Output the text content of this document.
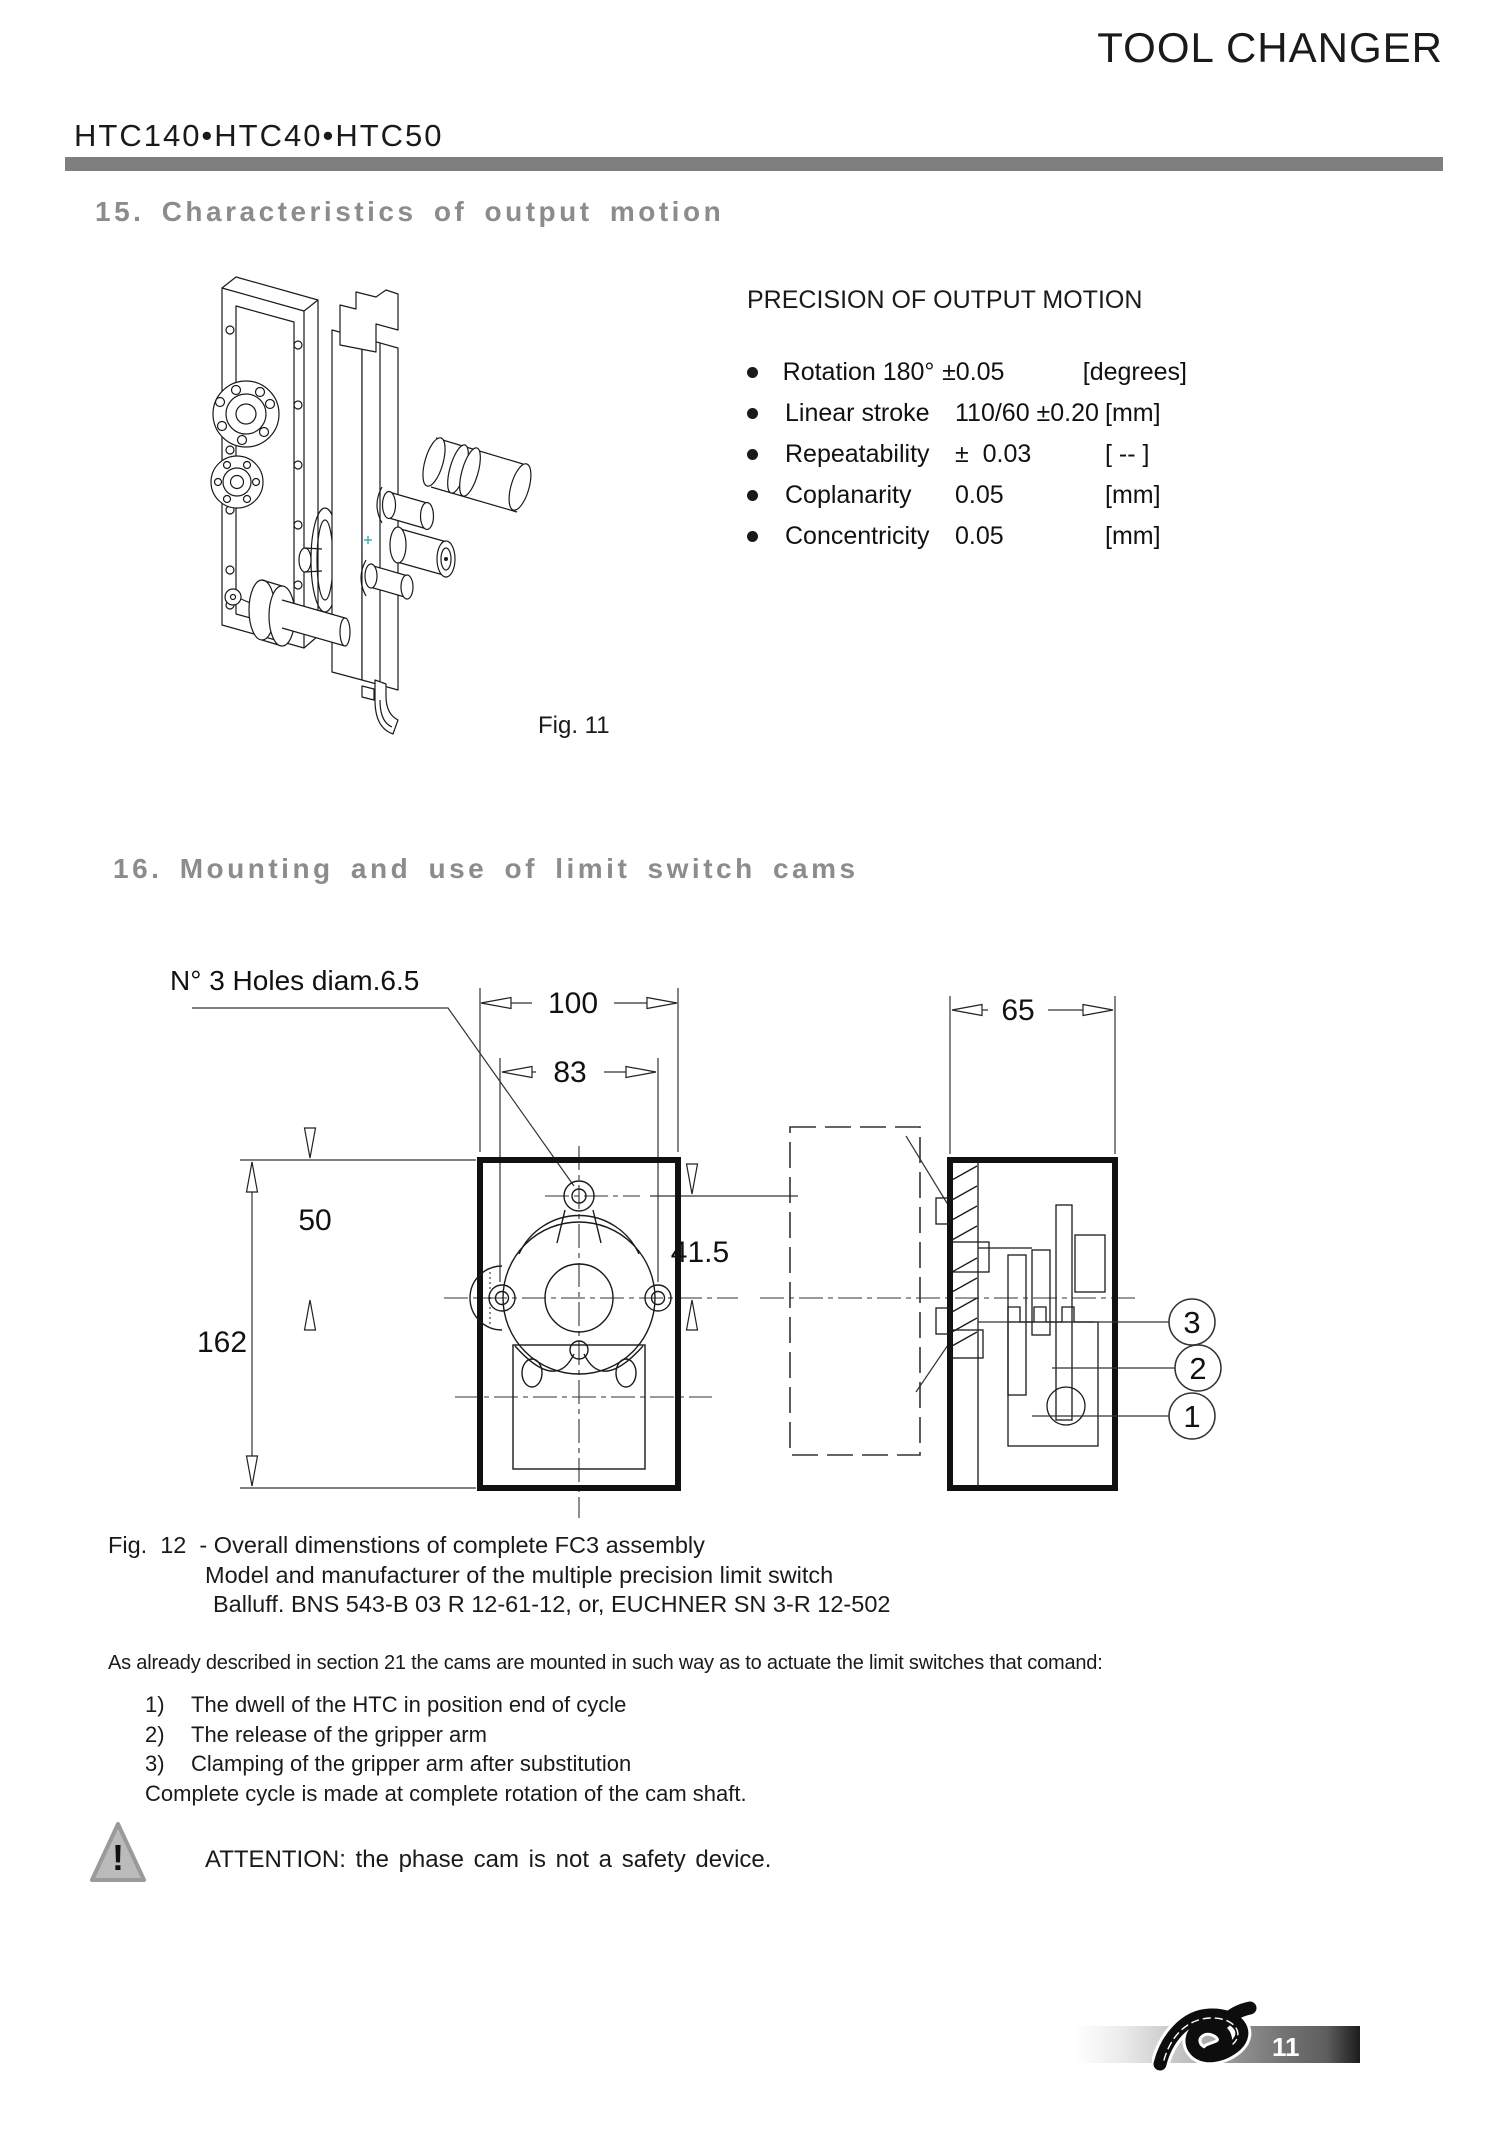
TOOL CHANGER
HTC140•HTC40•HTC50
15. Characteristics of output motion
Fig. 11
PRECISION OF OUTPUT MOTION
Rotation 180° ±0.05	[degrees]
Linear stroke	110/60 ±0.20 [mm]
Repeatability	±  0.03	[ -- ]
Coplanarity	0.05	[mm]
Concentricity	0.05	[mm]
16. Mounting and use of limit switch cams
N° 3 Holes diam.6.5
100
83
50
162
41.5
65
3
2
1
Fig.  12  - Overall dimenstions of complete FC3 assembly
Model and manufacturer of the multiple precision limit switch
Balluff. BNS 543-B 03 R 12-61-12, or, EUCHNER SN 3-R 12-502
As already described in section 21 the cams are mounted in such way as to actuate the limit switches that comand:
1)	The dwell of the HTC in position end of cycle
2)	The release of the gripper arm
3)	Clamping of the gripper arm after substitution
Complete cycle is made at complete rotation of the cam shaft.
!	ATTENTION: the phase cam is not a safety device.
11
